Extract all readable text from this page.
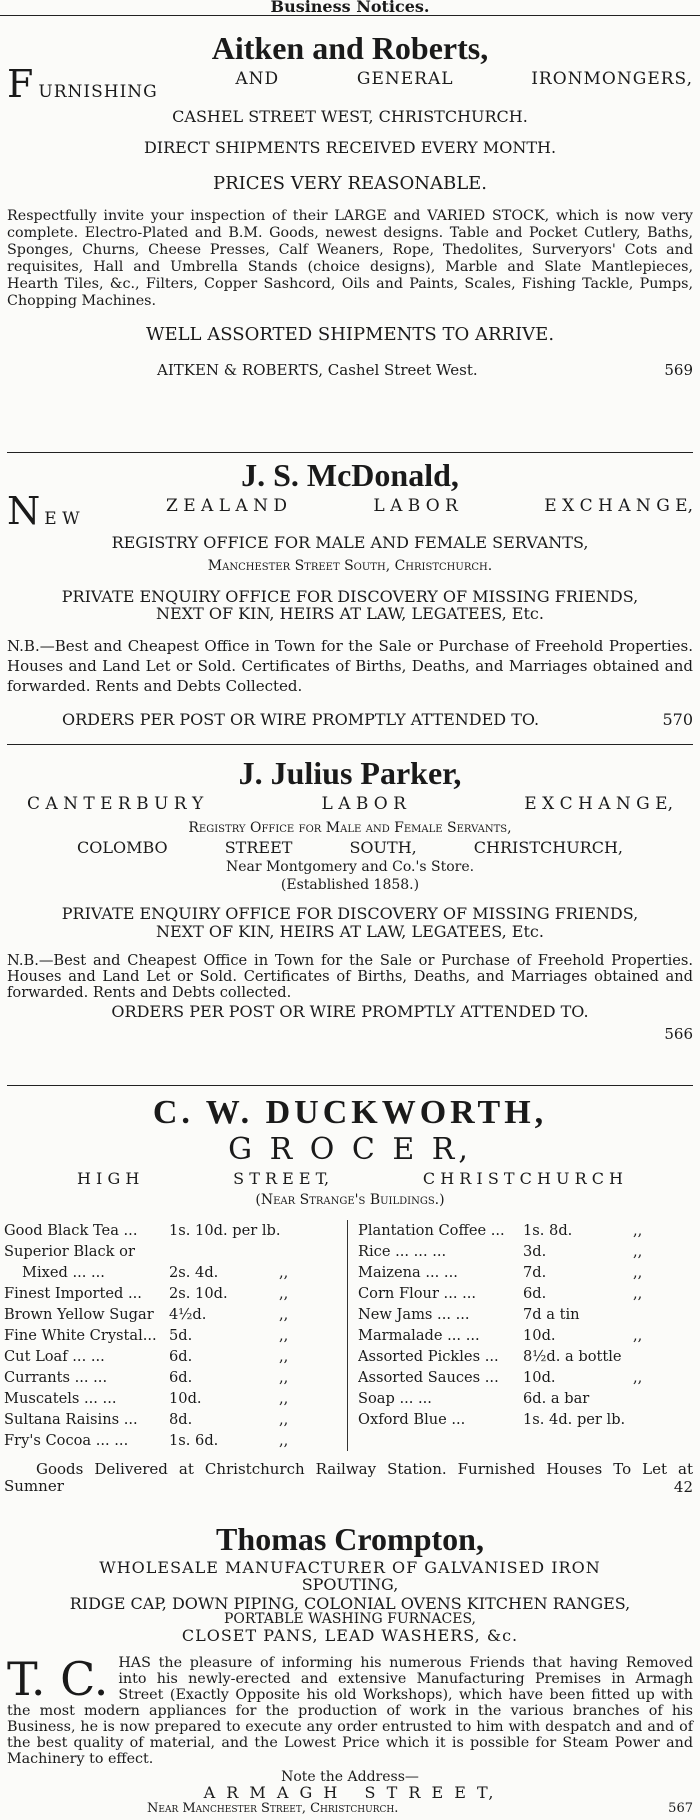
Business Notices.
Aitken and Roberts,
FURNISHING
AND	GENERAL	IRONMONGERS,
CASHEL STREET WEST, CHRISTCHURCH.
DIRECT SHIPMENTS RECEIVED EVERY MONTH.
PRICES VERY REASONABLE.
Respectfully invite your inspection of their LARGE and VARIED STOCK, which is now very complete. Electro-Plated and B.M. Goods, newest designs. Table and Pocket Cutlery, Baths, Sponges, Churns, Cheese Presses, Calf Weaners, Rope, Thedolites, Surveryors' Cots and requisites, Hall and Umbrella Stands (choice designs), Marble and Slate Mantlepieces, Hearth Tiles, &c., Filters, Copper Sashcord, Oils and Paints, Scales, Fishing Tackle, Pumps, Chopping Machines.
WELL ASSORTED SHIPMENTS TO ARRIVE.
AITKEN & ROBERTS, Cashel Street West.	569
J. S. McDonald,
N E W
Z E A L A N D	L A B O R	E X C H A N G E,
REGISTRY OFFICE FOR MALE AND FEMALE SERVANTS,
Manchester Street South, Christchurch.
PRIVATE ENQUIRY OFFICE FOR DISCOVERY OF MISSING FRIENDS,
NEXT OF KIN, HEIRS AT LAW, LEGATEES, Etc.
N.B.—Best and Cheapest Office in Town for the Sale or Purchase of Freehold Properties. Houses and Land Let or Sold. Certificates of Births, Deaths, and Marriages obtained and forwarded. Rents and Debts Collected.
ORDERS PER POST OR WIRE PROMPTLY ATTENDED TO.	570
J. Julius Parker,
C A N T E R B U R Y	L A B O R	E X C H A N G E,
Registry Office for Male and Female Servants,
COLOMBO	STREET	SOUTH,	CHRISTCHURCH,
Near Montgomery and Co.'s Store.
(Established 1858.)
PRIVATE ENQUIRY OFFICE FOR DISCOVERY OF MISSING FRIENDS,
NEXT OF KIN, HEIRS AT LAW, LEGATEES, Etc.
N.B.—Best and Cheapest Office in Town for the Sale or Purchase of Freehold Properties. Houses and Land Let or Sold. Certificates of Births, Deaths, and Marriages obtained and forwarded. Rents and Debts collected.
ORDERS PER POST OR WIRE PROMPTLY ATTENDED TO.
566
C. W. DUCKWORTH,
G R O C E R,
H I G H	S T R E E T,	C H R I S T C H U R C H
(Near Strange's Buildings.)
Good Black Tea ...	1s. 10d. per lb.
Superior Black or
Mixed ... ...	2s. 4d.	,,
Finest Imported ...	2s. 10d.	,,
Brown Yellow Sugar	4½d.	,,
Fine White Crystal... 5d.	,,
Cut Loaf ... ...	6d.	,,
Currants ... ...	6d.	,,
Muscatels ... ...	10d.	,,
Sultana Raisins ...	8d.	,,
Fry's Cocoa ... ...	1s. 6d.	,,
Plantation Coffee ...	1s. 8d.	,,
Rice ... ... ...	3d.	,,
Maizena ... ...	7d.	,,
Corn Flour ... ...	6d.	,,
New Jams ... ...	7d a tin
Marmalade ... ...	10d.	,,
Assorted Pickles ...	8½d. a bottle
Assorted Sauces ...	10d.	,,
Soap ... ...	6d. a bar
Oxford Blue ...	1s. 4d. per lb.
Goods Delivered at Christchurch Railway Station. Furnished Houses To Let at Sumner	42
Thomas Crompton,
WHOLESALE MANUFACTURER OF GALVANISED IRON
SPOUTING,
RIDGE CAP, DOWN PIPING, COLONIAL OVENS KITCHEN RANGES,
PORTABLE WASHING FURNACES,
CLOSET PANS, LEAD WASHERS, &c.
T. C. HAS the pleasure of informing his numerous Friends that having Removed into his newly-erected and extensive Manufacturing Premises in Armagh Street (Exactly Opposite his old Workshops), which have been fitted up with the most modern appliances for the production of work in the various branches of his Business, he is now prepared to execute any order entrusted to him with despatch and and of the best quality of material, and the Lowest Price which it is possible for Steam Power and Machinery to effect.
Note the Address—
A R M A G H   S T R E E T,
Near Manchester Street, Christchurch.	567
